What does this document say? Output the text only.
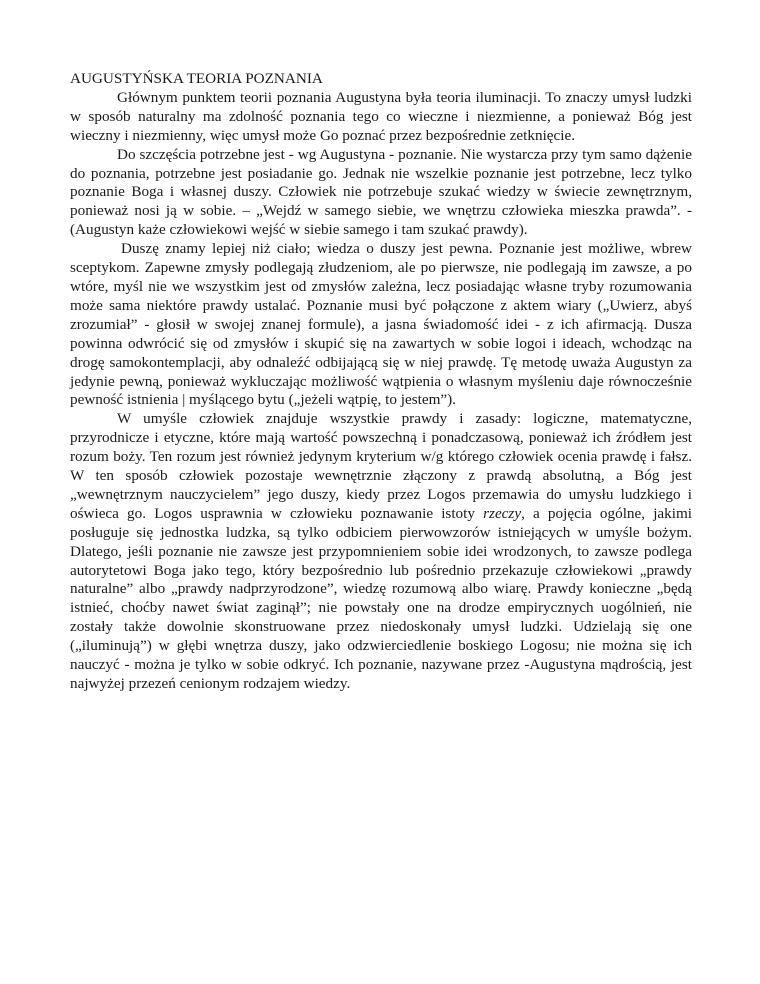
AUGUSTYŃSKA TEORIA POZNANIA

Głównym punktem teorii poznania Augustyna była teoria iluminacji. To znaczy umysł ludzki w sposób naturalny ma zdolność poznania tego co wieczne i niezmienne, a ponieważ Bóg jest wieczny i niezmienny, więc umysł może Go poznać przez bezpośrednie zetknięcie.

Do szczęścia potrzebne jest - wg Augustyna - poznanie. Nie wystarcza przy tym samo dążenie do poznania, potrzebne jest posiadanie go. Jednak nie wszelkie poznanie jest potrzebne, lecz tylko poznanie Boga i własnej duszy. Człowiek nie potrzebuje szukać wiedzy w świecie zewnętrznym, ponieważ nosi ją w sobie. – „Wejdź w samego siebie, we wnętrzu człowieka mieszka prawda”. - (Augustyn każe człowiekowi wejść w siebie samego i tam szukać prawdy).

Duszę znamy lepiej niż ciało; wiedza o duszy jest pewna. Poznanie jest możliwe, wbrew sceptykom. Zapewne zmysły podlegają złudzeniom, ale po pierwsze, nie podlegają im zawsze, a po wtóre, myśl nie we wszystkim jest od zmysłów zależna, lecz posiadając własne tryby rozumowania może sama niektóre prawdy ustalać. Poznanie musi być połączone z aktem wiary („Uwierz, abyś zrozumiał” - głosił w swojej znanej formule), a jasna świadomość idei - z ich afirmacją. Dusza powinna odwrócić się od zmysłów i skupić się na zawartych w sobie logoi i ideach, wchodząc na drogę samokontemplacji, aby odnaleźć odbijającą się w niej prawdę. Tę metodę uważa Augustyn za jedynie pewną, ponieważ wykluczając możliwość wątpienia o własnym myśleniu daje równocześnie pewność istnienia | myślącego bytu („jeżeli wątpię, to jestem”).

W umyśle człowiek znajduje wszystkie prawdy i zasady: logiczne, matematyczne, przyrodnicze i etyczne, które mają wartość powszechną i ponadczasową, ponieważ ich źródłem jest rozum boży. Ten rozum jest również jedynym kryterium w/g którego człowiek ocenia prawdę i fałsz. W ten sposób człowiek pozostaje wewnętrznie złączony z prawdą absolutną, a Bóg jest „wewnętrznym nauczycielem” jego duszy, kiedy przez Logos przemawia do umysłu ludzkiego i oświeca go. Logos usprawnia w człowieku poznawanie istoty rzeczy, a pojęcia ogólne, jakimi posługuje się jednostka ludzka, są tylko odbiciem pierwowzorów istniejących w umyśle bożym. Dlatego, jeśli poznanie nie zawsze jest przypomnieniem sobie idei wrodzonych, to zawsze podlega autorytetowi Boga jako tego, który bezpośrednio lub pośrednio przekazuje człowiekowi „prawdy naturalne” albo „prawdy nadprzyrodzone”, wiedzę rozumową albo wiarę. Prawdy konieczne „będą istnieć, choćby nawet świat zaginął”; nie powstały one na drodze empirycznych uogólnień, nie zostały także dowolnie skonstruowane przez niedoskonały umysł ludzki. Udzielają się one („iluminują”) w głębi wnętrza duszy, jako odzwierciedlenie boskiego Logosu; nie można się ich nauczyć - można je tylko w sobie odkryć. Ich poznanie, nazywane przez -Augustyna mądrością, jest najwyżej przezeń cenionym rodzajem wiedzy.
